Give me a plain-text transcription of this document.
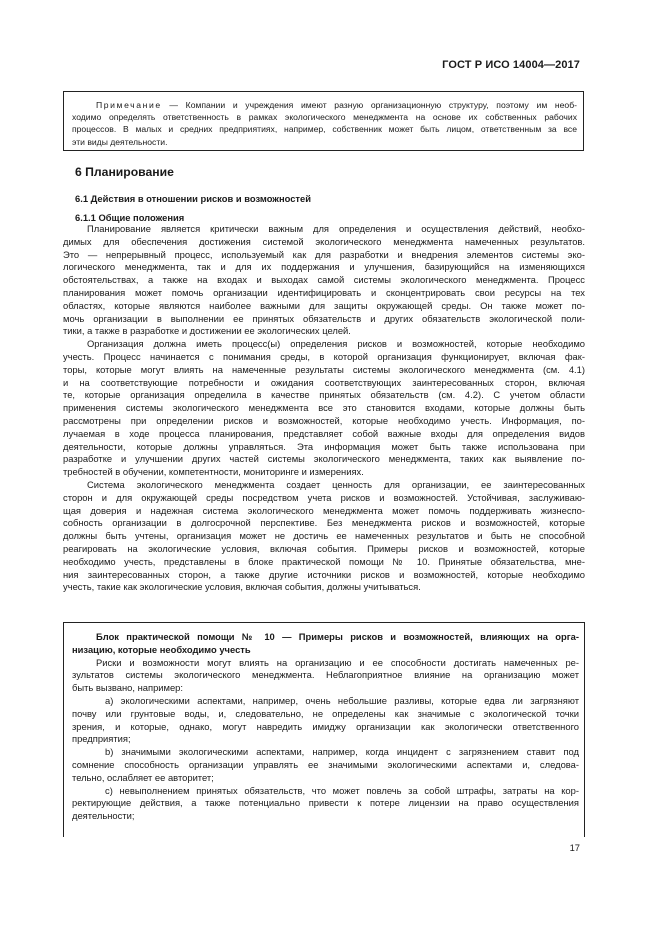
ГОСТ Р ИСО 14004—2017
Примечание — Компании и учреждения имеют разную организационную структуру, поэтому им необ-
ходимо определять ответственность в рамках экологического менеджмента на основе их собственных рабочих
процессов. В малых и средних предприятиях, например, собственник может быть лицом, ответственным за все
эти виды деятельности.
6 Планирование
6.1 Действия в отношении рисков и возможностей
6.1.1 Общие положения
Планирование является критически важным для определения и осуществления действий, необхо-
димых для обеспечения достижения системой экологического менеджмента намеченных результатов.
Это — непрерывный процесс, используемый как для разработки и внедрения элементов системы эко-
логического менеджмента, так и для их поддержания и улучшения, базирующийся на изменяющихся
обстоятельствах, а также на входах и выходах самой системы экологического менеджмента. Процесс
планирования может помочь организации идентифицировать и сконцентрировать свои ресурсы на тех
областях, которые являются наиболее важными для защиты окружающей среды. Он также может по-
мочь организации в выполнении ее принятых обязательств и других обязательств экологической поли-
тики, а также в разработке и достижении ее экологических целей.
Организация должна иметь процесс(ы) определения рисков и возможностей, которые необходимо
учесть. Процесс начинается с понимания среды, в которой организация функционирует, включая фак-
торы, которые могут влиять на намеченные результаты системы экологического менеджмента (см. 4.1)
и на соответствующие потребности и ожидания соответствующих заинтересованных сторон, включая
те, которые организация определила в качестве принятых обязательств (см. 4.2). С учетом области
применения системы экологического менеджмента все это становится входами, которые должны быть
рассмотрены при определении рисков и возможностей, которые необходимо учесть. Информация, по-
лучаемая в ходе процесса планирования, представляет собой важные входы для определения видов
деятельности, которые должны управляться. Эта информация может быть также использована при
разработке и улучшении других частей системы экологического менеджмента, таких как выявление по-
требностей в обучении, компетентности, мониторинге и измерениях.
Система экологического менеджмента создает ценность для организации, ее заинтересованных
сторон и для окружающей среды посредством учета рисков и возможностей. Устойчивая, заслуживаю-
щая доверия и надежная система экологического менеджмента может помочь поддерживать жизнеспо-
собность организации в долгосрочной перспективе. Без менеджмента рисков и возможностей, которые
должны быть учтены, организация может не достичь ее намеченных результатов и быть не способной
реагировать на экологические условия, включая события. Примеры рисков и возможностей, которые
необходимо учесть, представлены в блоке практической помощи № 10. Принятые обязательства, мне-
ния заинтересованных сторон, а также другие источники рисков и возможностей, которые необходимо
учесть, такие как экологические условия, включая события, должны учитываться.
Блок практической помощи № 10 — Примеры рисков и возможностей, влияющих на орга-
низацию, которые необходимо учесть
Риски и возможности могут влиять на организацию и ее способности достигать намеченных ре-
зультатов системы экологического менеджмента. Неблагоприятное влияние на организацию может
быть вызвано, например:
a) экологическими аспектами, например, очень небольшие разливы, которые едва ли загрязняют
почву или грунтовые воды, и, следовательно, не определены как значимые с экологической точки
зрения, и которые, однако, могут навредить имиджу организации как экологически ответственного
предприятия;
b) значимыми экологическими аспектами, например, когда инцидент с загрязнением ставит под
сомнение способность организации управлять ее значимыми экологическими аспектами и, следова-
тельно, ослабляет ее авторитет;
c) невыполнением принятых обязательств, что может повлечь за собой штрафы, затраты на кор-
ректирующие действия, а также потенциально привести к потере лицензии на право осуществления
деятельности;
17
